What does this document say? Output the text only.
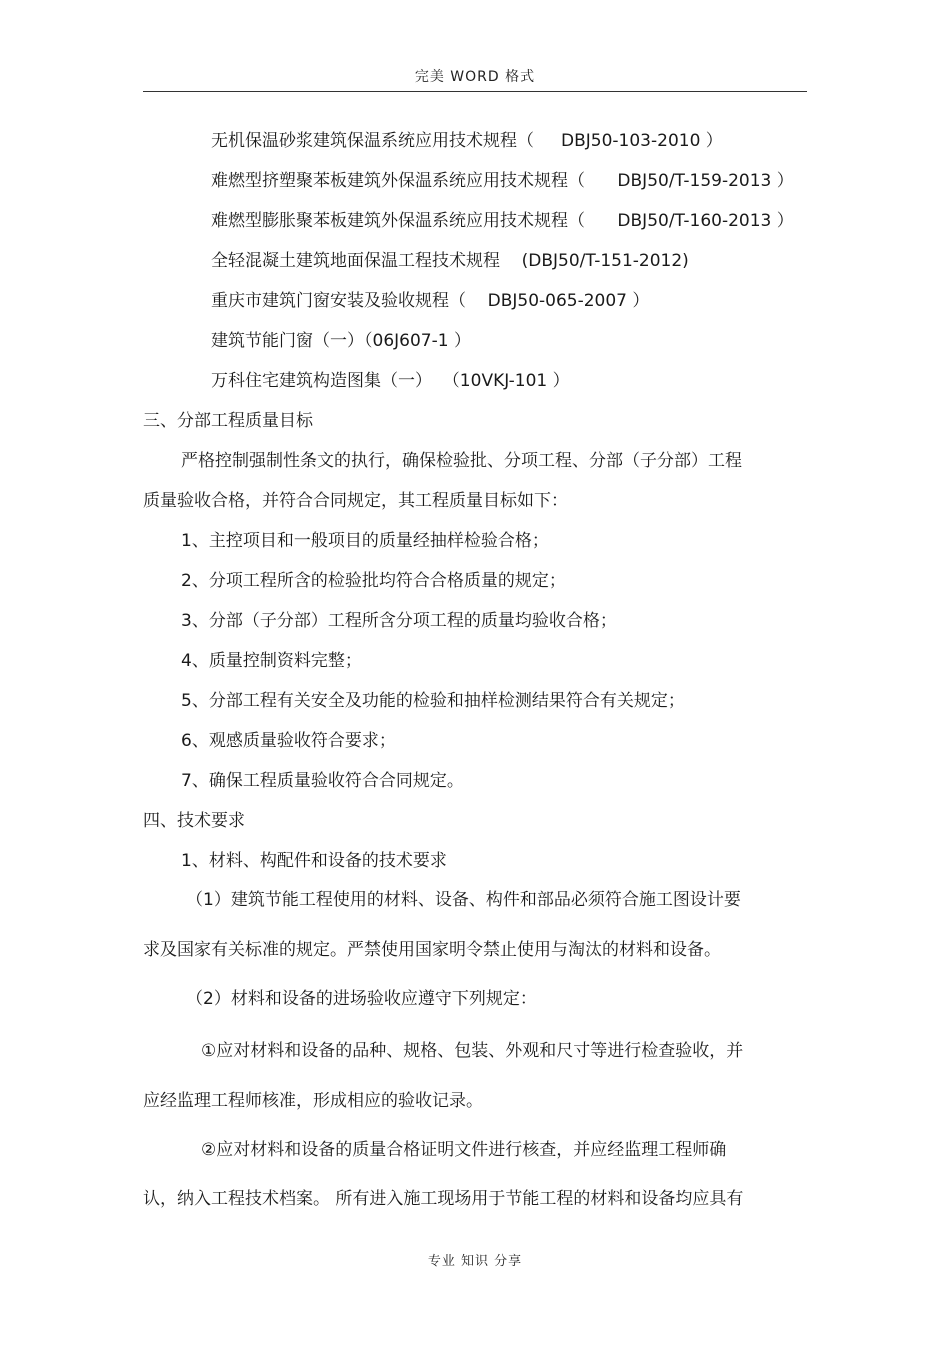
完美 WORD 格式
无机保温砂浆建筑保温系统应用技术规程（     DBJ50-103-2010 ）
难燃型挤塑聚苯板建筑外保温系统应用技术规程（      DBJ50/T-159-2013 ）
难燃型膨胀聚苯板建筑外保温系统应用技术规程（      DBJ50/T-160-2013 ）
全轻混凝土建筑地面保温工程技术规程    (DBJ50/T-151-2012)
重庆市建筑门窗安装及验收规程（    DBJ50-065-2007 ）
建筑节能门窗（一）（06J607-1 ）
万科住宅建筑构造图集（一）  （10VKJ-101 ）
三、分部工程质量目标
严格控制强制性条文的执行，确保检验批、分项工程、分部（子分部）工程
质量验收合格，并符合合同规定，其工程质量目标如下：
1、主控项目和一般项目的质量经抽样检验合格；
2、分项工程所含的检验批均符合合格质量的规定；
3、分部（子分部）工程所含分项工程的质量均验收合格；
4、质量控制资料完整；
5、分部工程有关安全及功能的检验和抽样检测结果符合有关规定；
6、观感质量验收符合要求；
7、确保工程质量验收符合合同规定。
四、技术要求
1、材料、构配件和设备的技术要求
（1）建筑节能工程使用的材料、设备、构件和部品必须符合施工图设计要
求及国家有关标准的规定。严禁使用国家明令禁止使用与淘汰的材料和设备。
（2）材料和设备的进场验收应遵守下列规定：
①应对材料和设备的品种、规格、包装、外观和尺寸等进行检查验收，并
应经监理工程师核准，形成相应的验收记录。
②应对材料和设备的质量合格证明文件进行核查，并应经监理工程师确
认，纳入工程技术档案。 所有进入施工现场用于节能工程的材料和设备均应具有
专业 知识 分享
